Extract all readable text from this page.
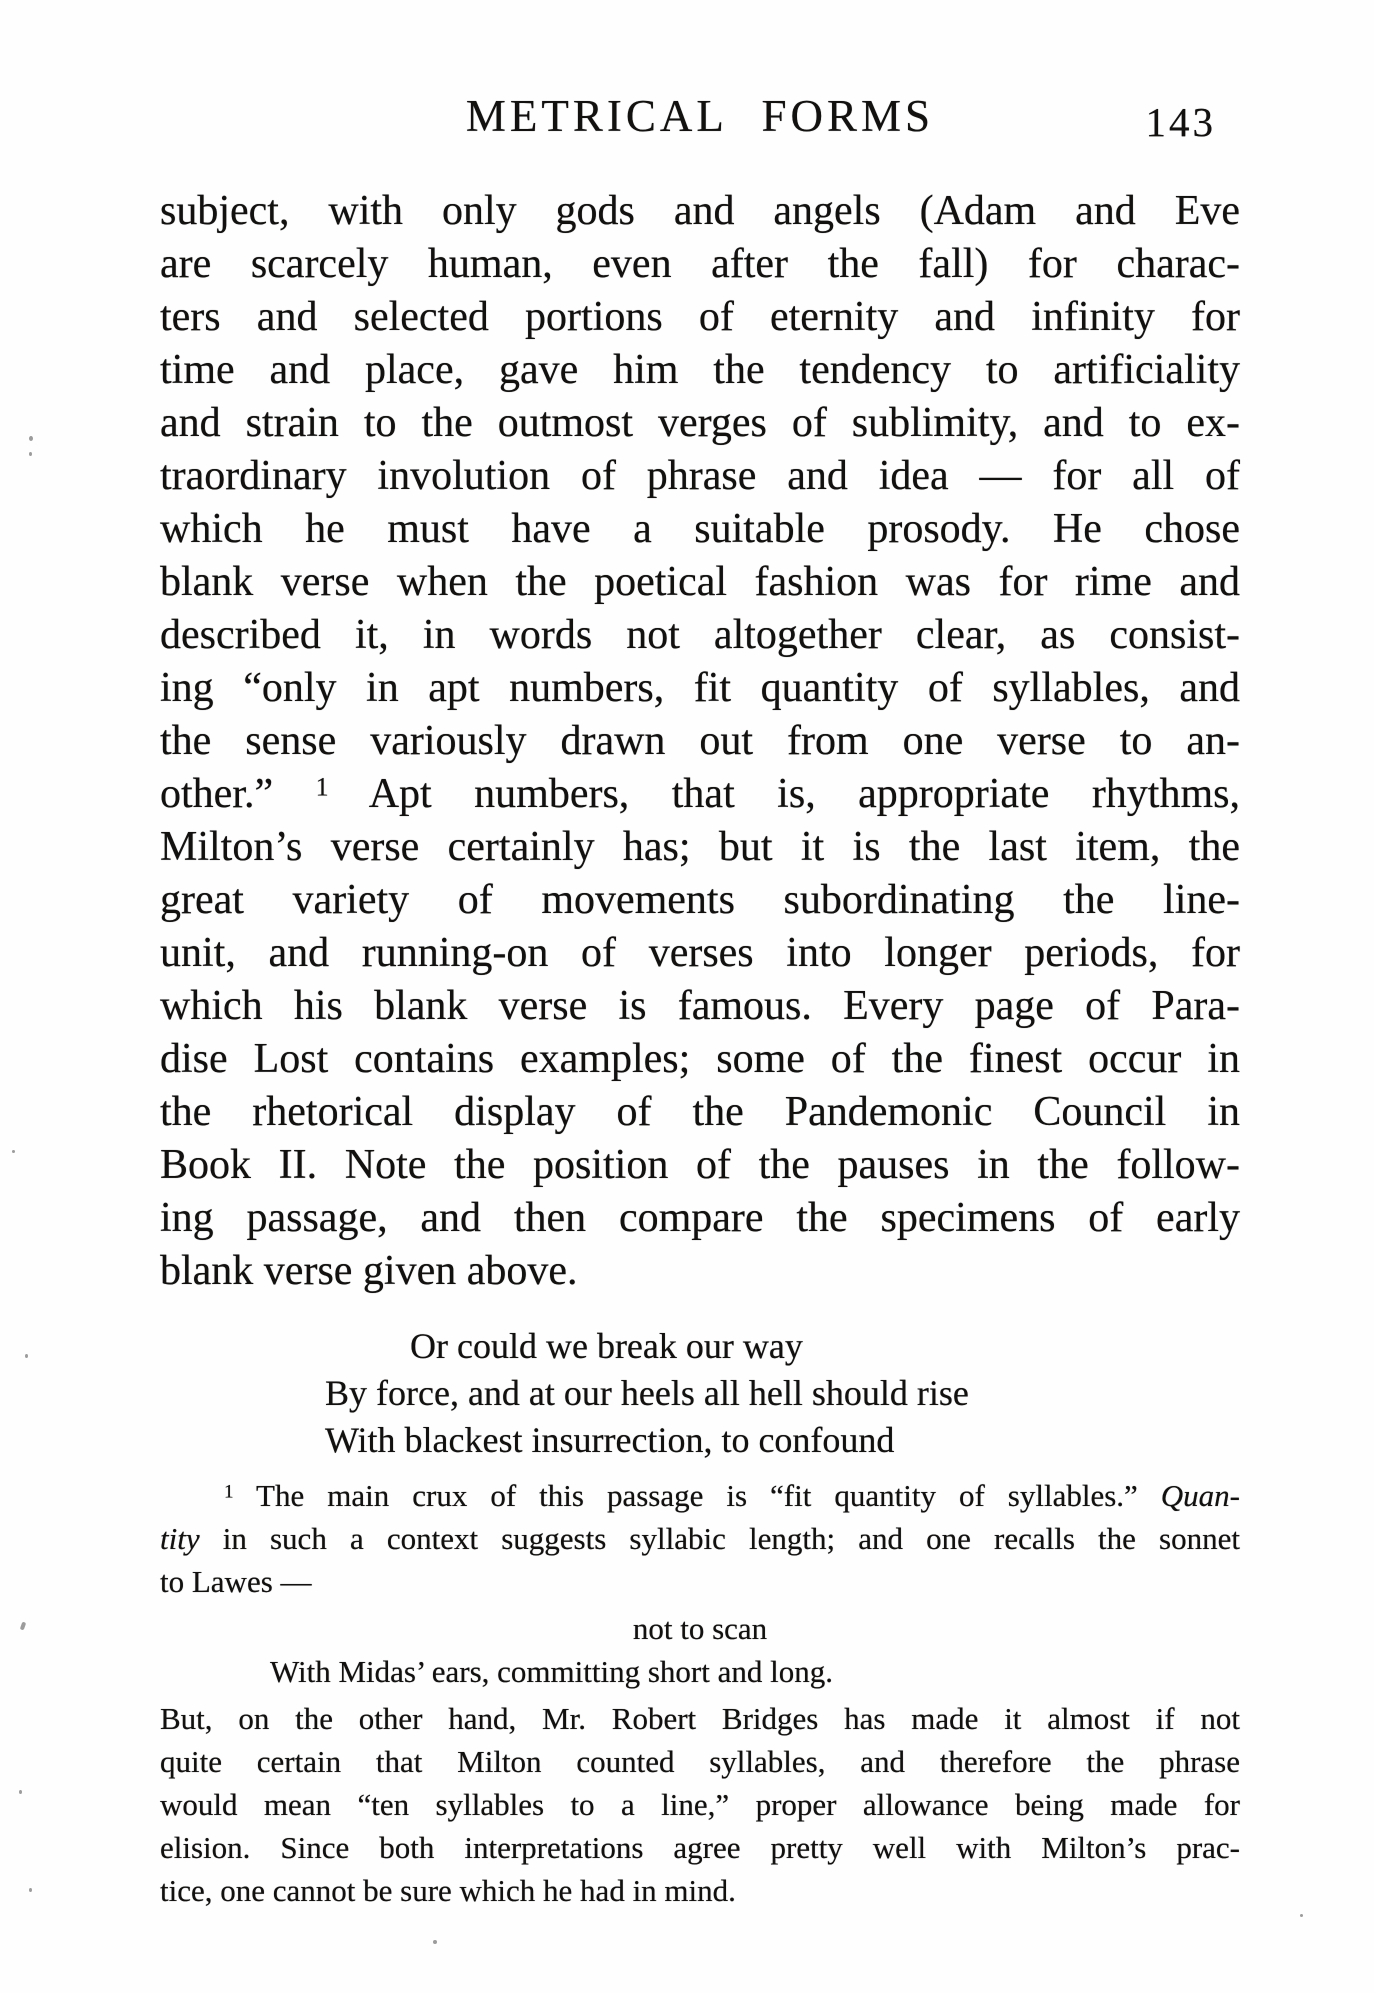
METRICAL FORMS	143
subject, with only gods and angels (Adam and Eve
are scarcely human, even after the fall) for charac-
ters and selected portions of eternity and infinity for
time and place, gave him the tendency to artificiality
and strain to the outmost verges of sublimity, and to ex-
traordinary involution of phrase and idea — for all of
which he must have a suitable prosody. He chose
blank verse when the poetical fashion was for rime and
described it, in words not altogether clear, as consist-
ing “only in apt numbers, fit quantity of syllables, and
the sense variously drawn out from one verse to an-
other.” $^1$ Apt numbers, that is, appropriate rhythms,
Milton’s verse certainly has; but it is the last item, the
great variety of movements subordinating the line-
unit, and running-on of verses into longer periods, for
which his blank verse is famous. Every page of Para-
dise Lost contains examples; some of the finest occur in
the rhetorical display of the Pandemonic Council in
Book II. Note the position of the pauses in the follow-
ing passage, and then compare the specimens of early
blank verse given above.
Or could we break our way
By force, and at our heels all hell should rise
With blackest insurrection, to confound
$^1$ The main crux of this passage is “fit quantity of syllables.” Quan-
tity in such a context suggests syllabic length; and one recalls the sonnet
to Lawes —
not to scan
With Midas’ ears, committing short and long.
But, on the other hand, Mr. Robert Bridges has made it almost if not
quite certain that Milton counted syllables, and therefore the phrase
would mean “ten syllables to a line,” proper allowance being made for
elision. Since both interpretations agree pretty well with Milton’s prac-
tice, one cannot be sure which he had in mind.
